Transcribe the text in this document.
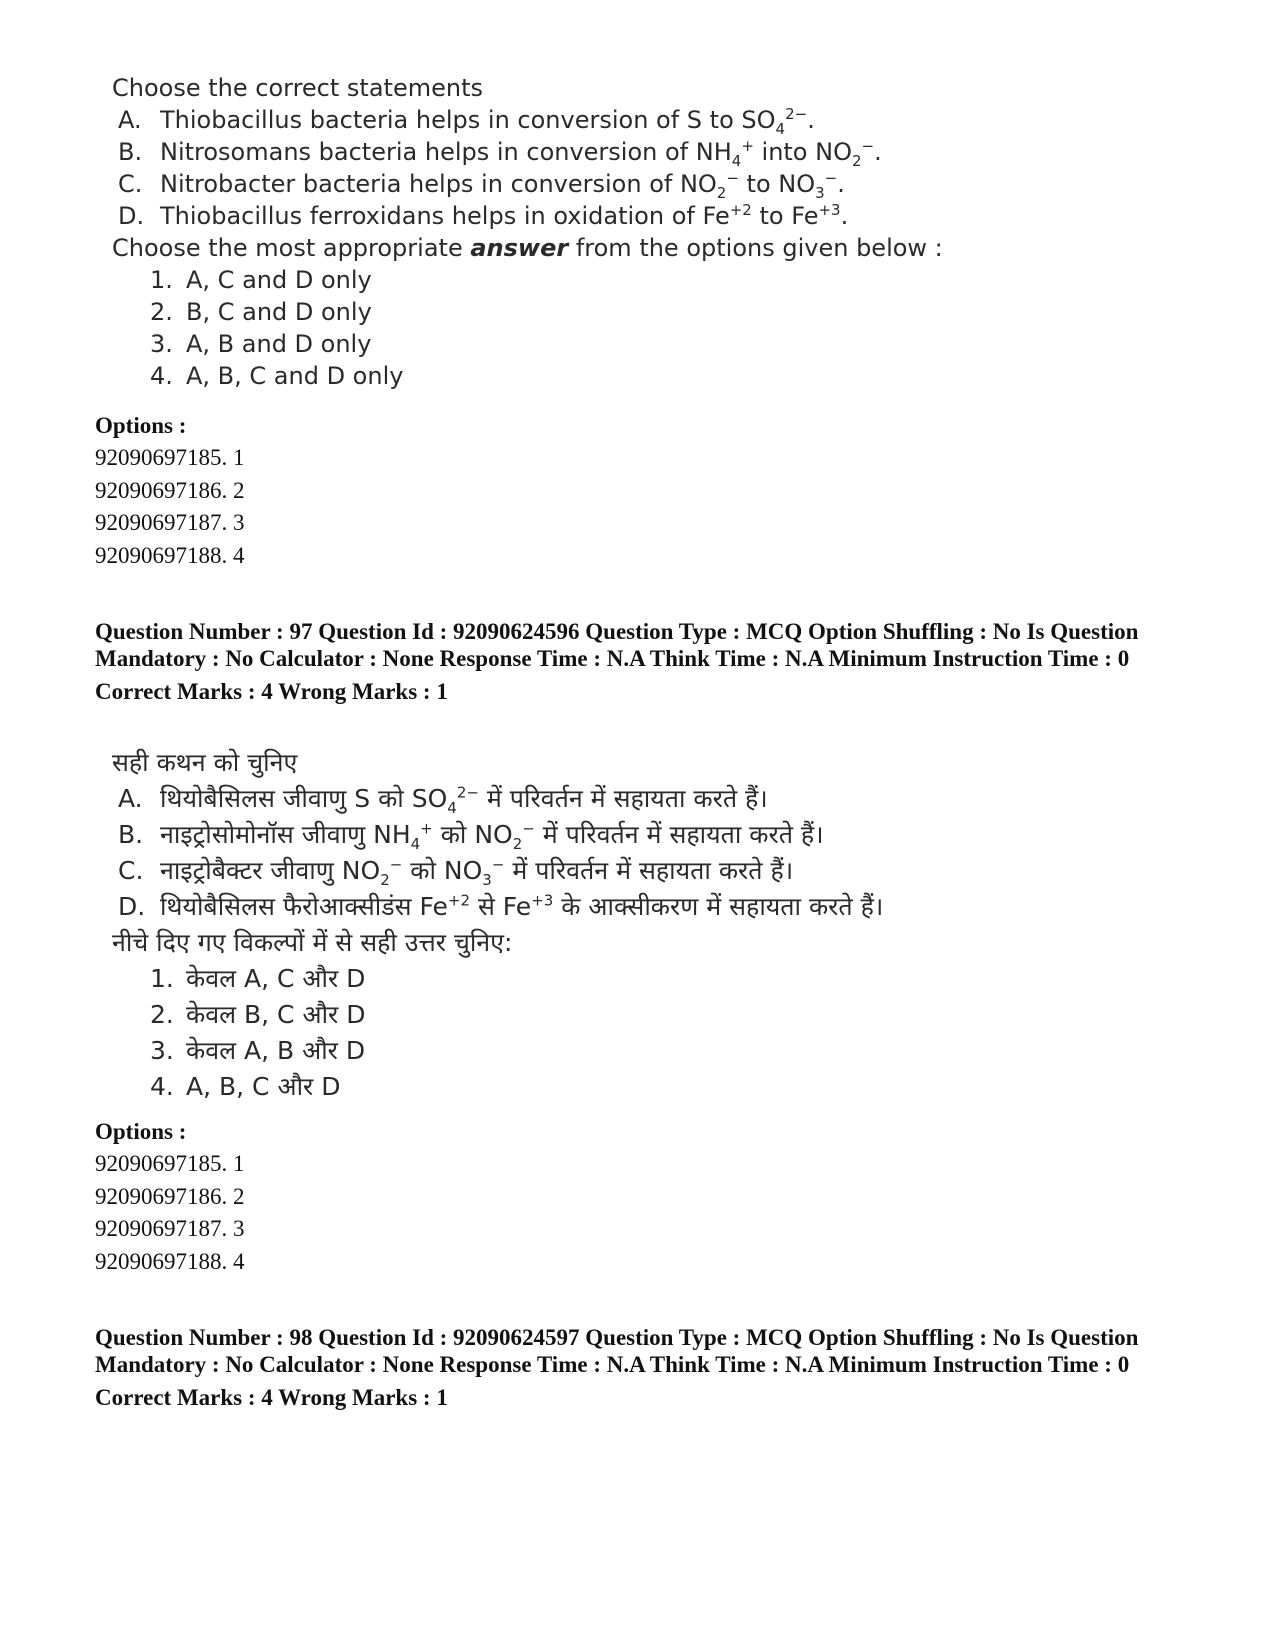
Choose the correct statements
A. Thiobacillus bacteria helps in conversion of S to $SO_4^{2-}$.
B. Nitrosomans bacteria helps in conversion of $NH_4^+$ into $NO_2^-$.
C. Nitrobacter bacteria helps in conversion of $NO_2^-$ to $NO_3^-$.
D. Thiobacillus ferroxidans helps in oxidation of $Fe^{+2}$ to $Fe^{+3}$.
Choose the most appropriate answer from the options given below :
1. A, C and D only
2. B, C and D only
3. A, B and D only
4. A, B, C and D only
Options :
92090697185. 1
92090697186. 2
92090697187. 3
92090697188. 4
Question Number : 97 Question Id : 92090624596 Question Type : MCQ Option Shuffling : No Is Question Mandatory : No Calculator : None Response Time : N.A Think Time : N.A Minimum Instruction Time : 0
Correct Marks : 4 Wrong Marks : 1
सही कथन को चुनिए
A. थियोबैसिलस जीवाणु S को $SO_4^{2-}$ में परिवर्तन में सहायता करते हैं।
B. नाइट्रोसोमोनॉस जीवाणु $NH_4^+$ को $NO_2^-$ में परिवर्तन में सहायता करते हैं।
C. नाइट्रोबैक्टर जीवाणु $NO_2^-$ को $NO_3^-$ में परिवर्तन में सहायता करते हैं।
D. थियोबैसिलस फैरोआक्सीडंस $Fe^{+2}$ से $Fe^{+3}$ के आक्सीकरण में सहायता करते हैं।
नीचे दिए गए विकल्पों में से सही उत्तर चुनिए:
1. केवल A, C और D
2. केवल B, C और D
3. केवल A, B और D
4. A, B, C और D
Options :
92090697185. 1
92090697186. 2
92090697187. 3
92090697188. 4
Question Number : 98 Question Id : 92090624597 Question Type : MCQ Option Shuffling : No Is Question Mandatory : No Calculator : None Response Time : N.A Think Time : N.A Minimum Instruction Time : 0
Correct Marks : 4 Wrong Marks : 1
